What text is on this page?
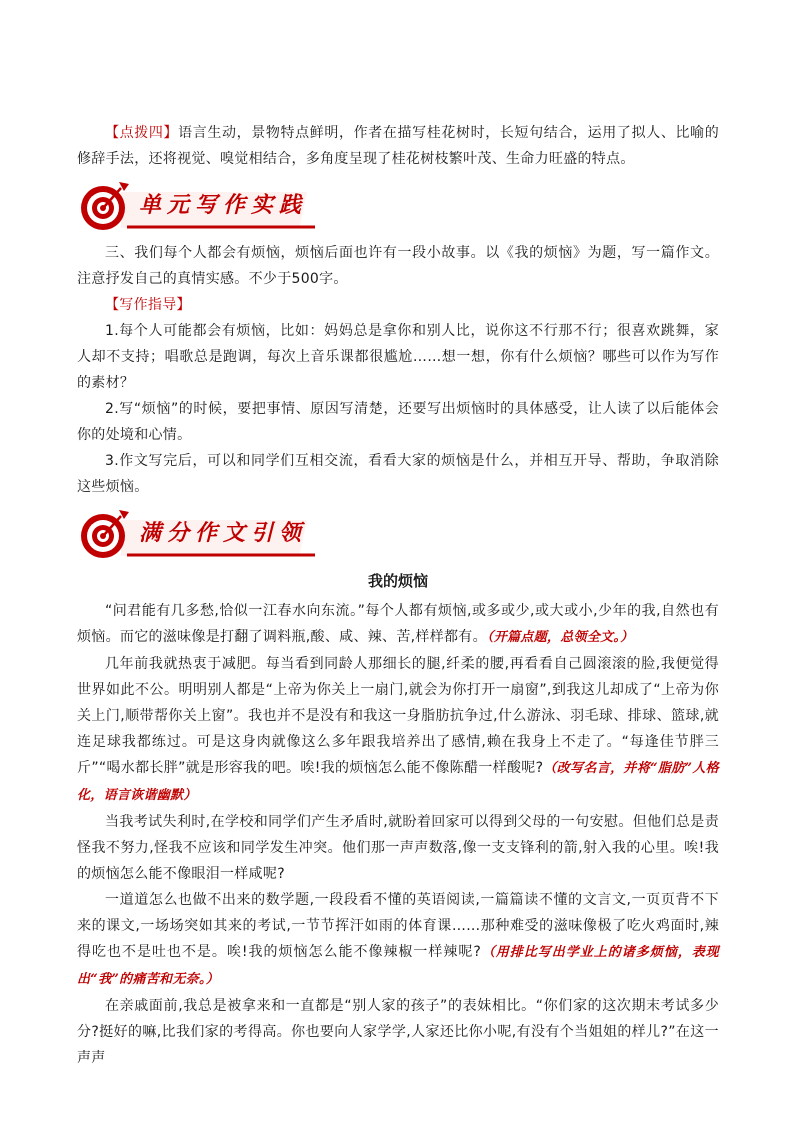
【点拨四】语言生动，景物特点鲜明，作者在描写桂花树时，长短句结合，运用了拟人、比喻的修辞手法，还将视觉、嗅觉相结合，多角度呈现了桂花树枝繁叶茂、生命力旺盛的特点。

单元写作实践

三、我们每个人都会有烦恼，烦恼后面也许有一段小故事。以《我的烦恼》为题，写一篇作文。注意抒发自己的真情实感。不少于500字。

【写作指导】

1.每个人可能都会有烦恼，比如：妈妈总是拿你和别人比，说你这不行那不行；很喜欢跳舞，家人却不支持；唱歌总是跑调，每次上音乐课都很尴尬……想一想，你有什么烦恼？哪些可以作为写作的素材？

2.写“烦恼”的时候，要把事情、原因写清楚，还要写出烦恼时的具体感受，让人读了以后能体会你的处境和心情。

3.作文写完后，可以和同学们互相交流，看看大家的烦恼是什么，并相互开导、帮助，争取消除这些烦恼。

满分作文引领
我的烦恼

“问君能有几多愁,恰似一江春水向东流。”每个人都有烦恼,或多或少,或大或小,少年的我,自然也有烦恼。而它的滋味像是打翻了调料瓶,酸、咸、辣、苦,样样都有。（开篇点题，总领全文。）

几年前我就热衷于减肥。每当看到同龄人那细长的腿,纤柔的腰,再看看自己圆滚滚的脸,我便觉得世界如此不公。明明别人都是“上帝为你关上一扇门,就会为你打开一扇窗”,到我这儿却成了“上帝为你关上门,顺带帮你关上窗”。我也并不是没有和我这一身脂肪抗争过,什么游泳、羽毛球、排球、篮球,就连足球我都练过。可是这身肉就像这么多年跟我培养出了感情,赖在我身上不走了。“每逢佳节胖三斤”“喝水都长胖”就是形容我的吧。唉!我的烦恼怎么能不像陈醋一样酸呢?（改写名言，并将“脂肪”人格化，语言诙谐幽默）

当我考试失利时,在学校和同学们产生矛盾时,就盼着回家可以得到父母的一句安慰。但他们总是责怪我不努力,怪我不应该和同学发生冲突。他们那一声声数落,像一支支锋利的箭,射入我的心里。唉!我的烦恼怎么能不像眼泪一样咸呢?

一道道怎么也做不出来的数学题,一段段看不懂的英语阅读,一篇篇读不懂的文言文,一页页背不下来的课文,一场场突如其来的考试,一节节挥汗如雨的体育课……那种难受的滋味像极了吃火鸡面时,辣得吃也不是吐也不是。唉!我的烦恼怎么能不像辣椒一样辣呢?（用排比写出学业上的诸多烦恼，表现出“我”的痛苦和无奈。）

在亲戚面前,我总是被拿来和一直都是“别人家的孩子”的表妹相比。“你们家的这次期末考试多少分?挺好的嘛,比我们家的考得高。你也要向人家学学,人家还比你小呢,有没有个当姐姐的样儿?”在这一声声
